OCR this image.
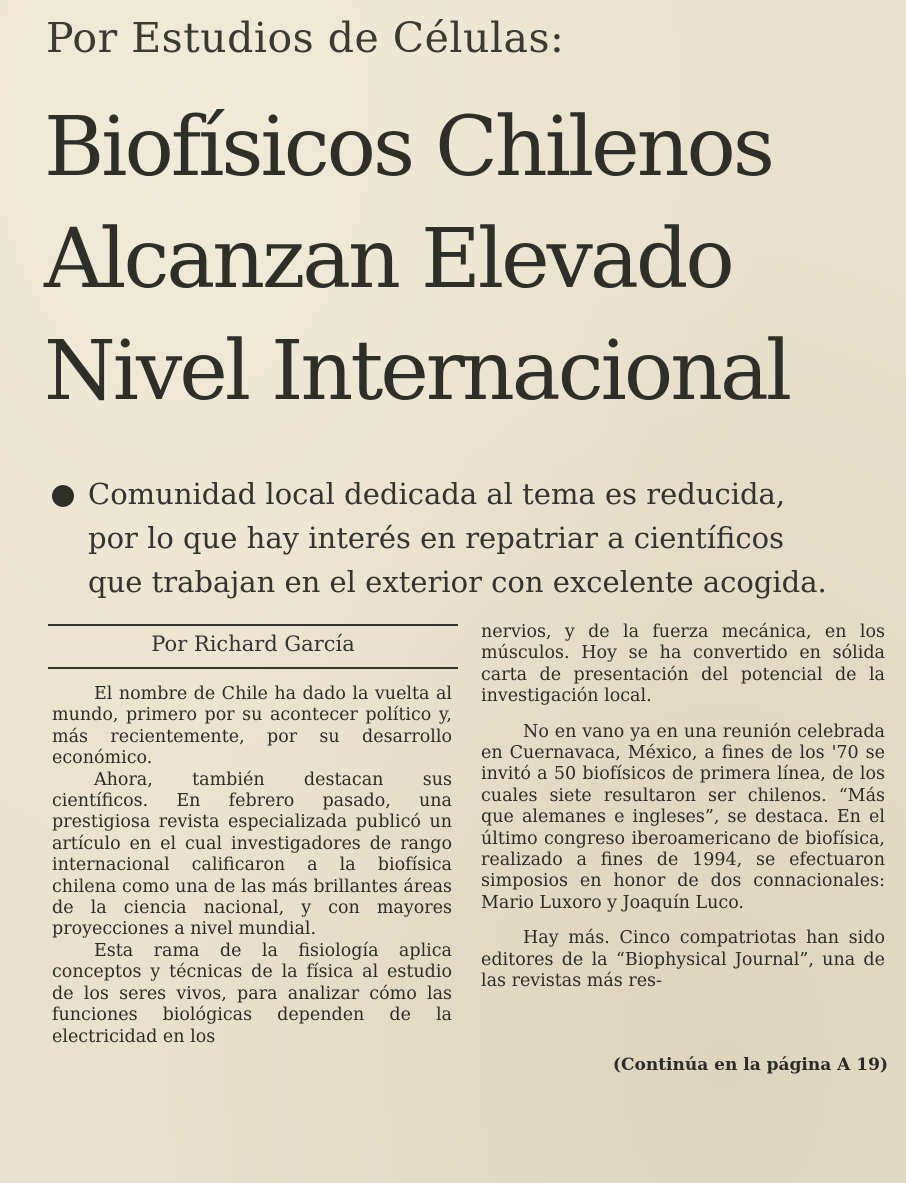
Por Estudios de Células:
Biofísicos Chilenos
Alcanzan Elevado
Nivel Internacional
Comunidad local dedicada al tema es reducida,
por lo que hay interés en repatriar a científicos
que trabajan en el exterior con excelente acogida.
Por Richard García

El nombre de Chile ha dado la vuelta al mundo, primero por su acontecer político y, más recientemente, por su desarrollo económico.

Ahora, también destacan sus científicos. En febrero pasado, una prestigiosa revista especializada publicó un artículo en el cual investigadores de rango internacional calificaron a la biofísica chilena como una de las más brillantes áreas de la ciencia nacional, y con mayores proyecciones a nivel mundial.

Esta rama de la fisiología aplica conceptos y técnicas de la física al estudio de los seres vivos, para analizar cómo las funciones biológicas dependen de la electricidad en los

nervios, y de la fuerza mecánica, en los músculos. Hoy se ha convertido en sólida carta de presentación del potencial de la investigación local.

No en vano ya en una reunión celebrada en Cuernavaca, México, a fines de los '70 se invitó a 50 biofísicos de primera línea, de los cuales siete resultaron ser chilenos. “Más que alemanes e ingleses”, se destaca. En el último congreso iberoamericano de biofísica, realizado a fines de 1994, se efectuaron simposios en honor de dos connacionales: Mario Luxoro y Joaquín Luco.

Hay más. Cinco compatriotas han sido editores de la “Biophysical Journal”, una de las revistas más res-

(Continúa en la página A 19)
